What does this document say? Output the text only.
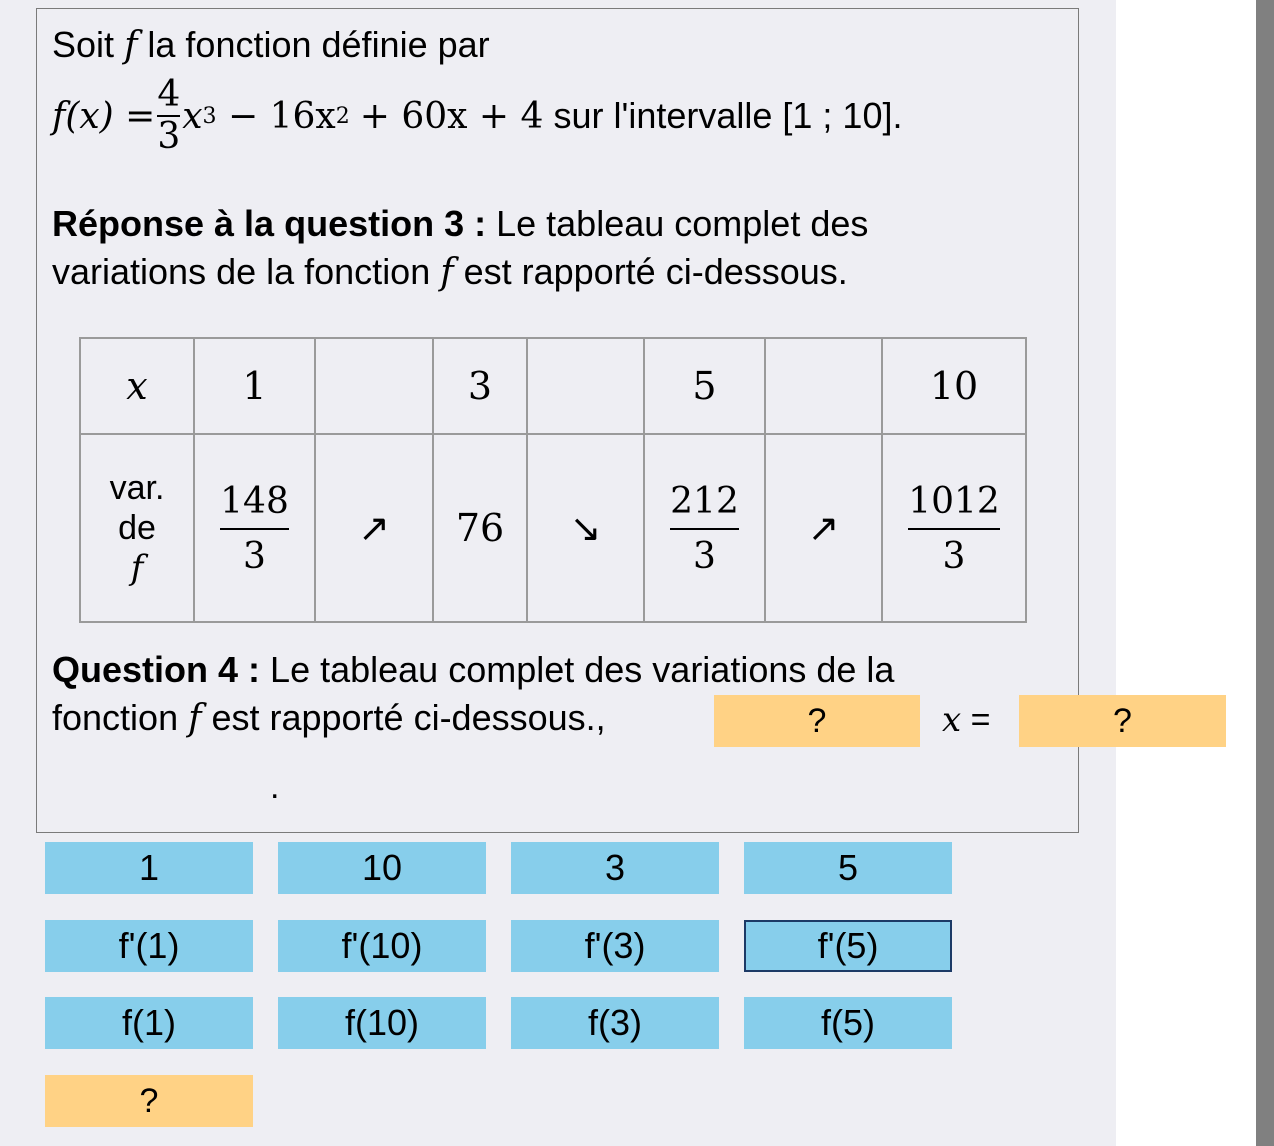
Soit f la fonction définie par
$f(x) = \frac{4}{3}$ x 3
− 16x 2
+ 60x + 4
sur l'intervalle [1 ; 10].
Réponse à la question 3 : Le tableau complet des
variations de la fonction f est rapporté ci-dessous.
x	1		3		5		10
var.
de
f	$\frac{148}{3}$	↗	76	↘	$\frac{212}{3}$	↗	$\frac{1012}{3}$
Question 4 : Le tableau complet des variations de la
fonction f est rapporté ci-dessous.,	?	x =	?
.
1	10	3	5
f'(1)	f'(10)	f'(3)	f'(5)
f(1)	f(10)	f(3)	f(5)
?
